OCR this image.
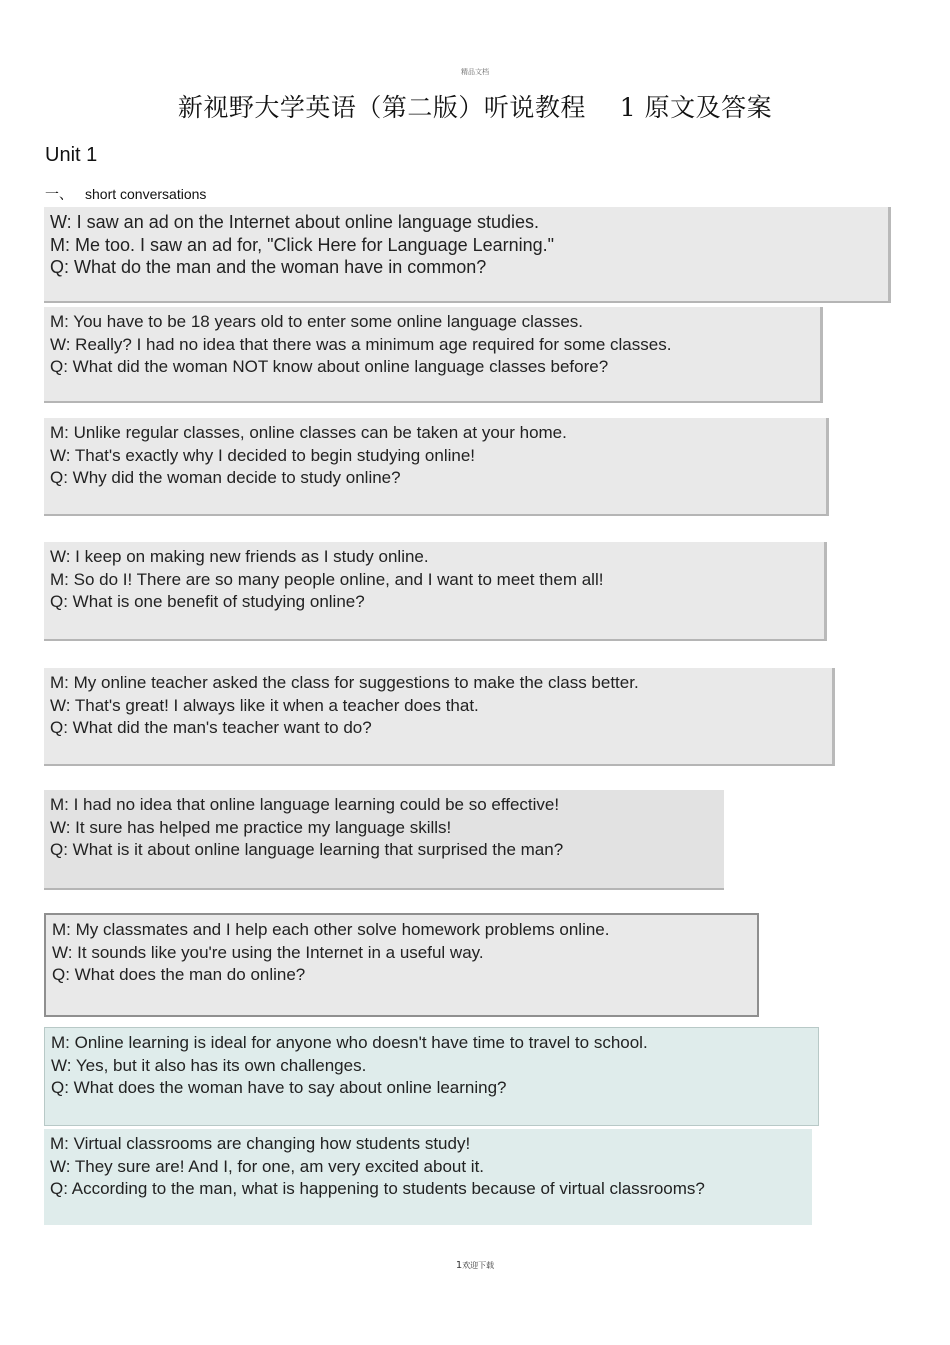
精品文档
新视野大学英语（第二版）听说教程　 1 原文及答案
Unit 1
一、 short conversations
W: I saw an ad on the Internet about online language studies.
M: Me too. I saw an ad for, "Click Here for Language Learning."
Q: What do the man and the woman have in common?
M: You have to be 18 years old to enter some online language classes.
W: Really? I had no idea that there was a minimum age required for some classes.
Q: What did the woman NOT know about online language classes before?
M: Unlike regular classes, online classes can be taken at your home.
W: That's exactly why I decided to begin studying online!
Q: Why did the woman decide to study online?
W: I keep on making new friends as I study online.
M: So do I! There are so many people online, and I want to meet them all!
Q: What is one benefit of studying online?
M: My online teacher asked the class for suggestions to make the class better.
W: That's great! I always like it when a teacher does that.
Q: What did the man's teacher want to do?
M: I had no idea that online language learning could be so effective!
W: It sure has helped me practice my language skills!
Q: What is it about online language learning that surprised the man?
M: My classmates and I help each other solve homework problems online.
W: It sounds like you're using the Internet in a useful way.
Q: What does the man do online?
M: Online learning is ideal for anyone who doesn't have time to travel to school.
W: Yes, but it also has its own challenges.
Q: What does the woman have to say about online learning?
M: Virtual classrooms are changing how students study!
W: They sure are! And I, for one, am very excited about it.
Q: According to the man, what is happening to students because of virtual classrooms?
1欢迎下载
